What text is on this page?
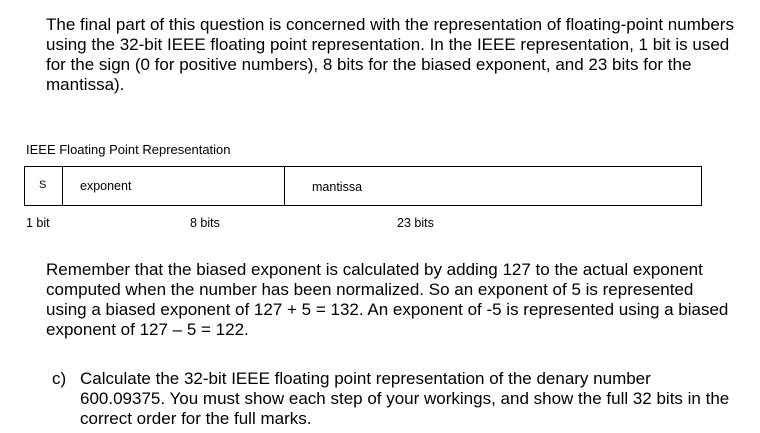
The final part of this question is concerned with the representation of floating-point numbers using the 32-bit IEEE floating point representation. In the IEEE representation, 1 bit is used for the sign (0 for positive numbers), 8 bits for the biased exponent, and 23 bits for the mantissa).

IEEE Floating Point Representation
S	exponent	mantissa
1 bit	8 bits	23 bits

Remember that the biased exponent is calculated by adding 127 to the actual exponent computed when the number has been normalized. So an exponent of 5 is represented using a biased exponent of 127 + 5 = 132. An exponent of -5 is represented using a biased exponent of 127 – 5 = 122.

c) Calculate the 32-bit IEEE floating point representation of the denary number 600.09375. You must show each step of your workings, and show the full 32 bits in the correct order for the full marks.
